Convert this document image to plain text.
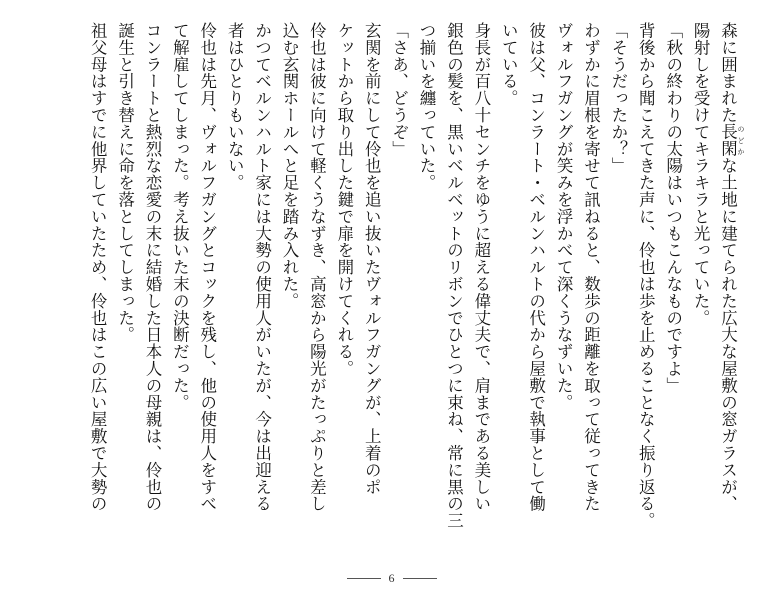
森に囲まれた長閑 のどかな土地に建てられた広大な屋敷の窓ガラスが、
陽射しを受けてキラキラと光っていた。
「秋の終わりの太陽はいつもこんなものですよ」
背後から聞こえてきた声に、伶也は歩を止めることなく振り返る。
「そうだったか？」
わずかに眉根を寄せて訊ねると、数歩の距離を取って従ってきた
ヴォルフガングが笑みを浮かべて深くうなずいた。
彼は父、コンラート・ベルンハルトの代から屋敷で執事として働
いている。
身長が百八十センチをゆうに超える偉丈夫で、肩まである美しい
銀色の髪を、黒いベルベットのリボンでひとつに束ね、常に黒の三
つ揃いを纏っていた。
「さあ、どうぞ」
玄関を前にして伶也を追い抜いたヴォルフガングが、上着のポ
ケットから取り出した鍵で扉を開けてくれる。
伶也は彼に向けて軽くうなずき、高窓から陽光がたっぷりと差し
込む玄関ホールへと足を踏み入れた。
かつてベルンハルト家には大勢の使用人がいたが、今は出迎える
者はひとりもいない。
伶也は先月、ヴォルフガングとコックを残し、他の使用人をすべ
て解雇してしまった。考え抜いた末の決断だった。
コンラートと熱烈な恋愛の末に結婚した日本人の母親は、伶也の
誕生と引き替えに命を落としてしまった。
祖父母はすでに他界していたため、伶也はこの広い屋敷で大勢の
6
